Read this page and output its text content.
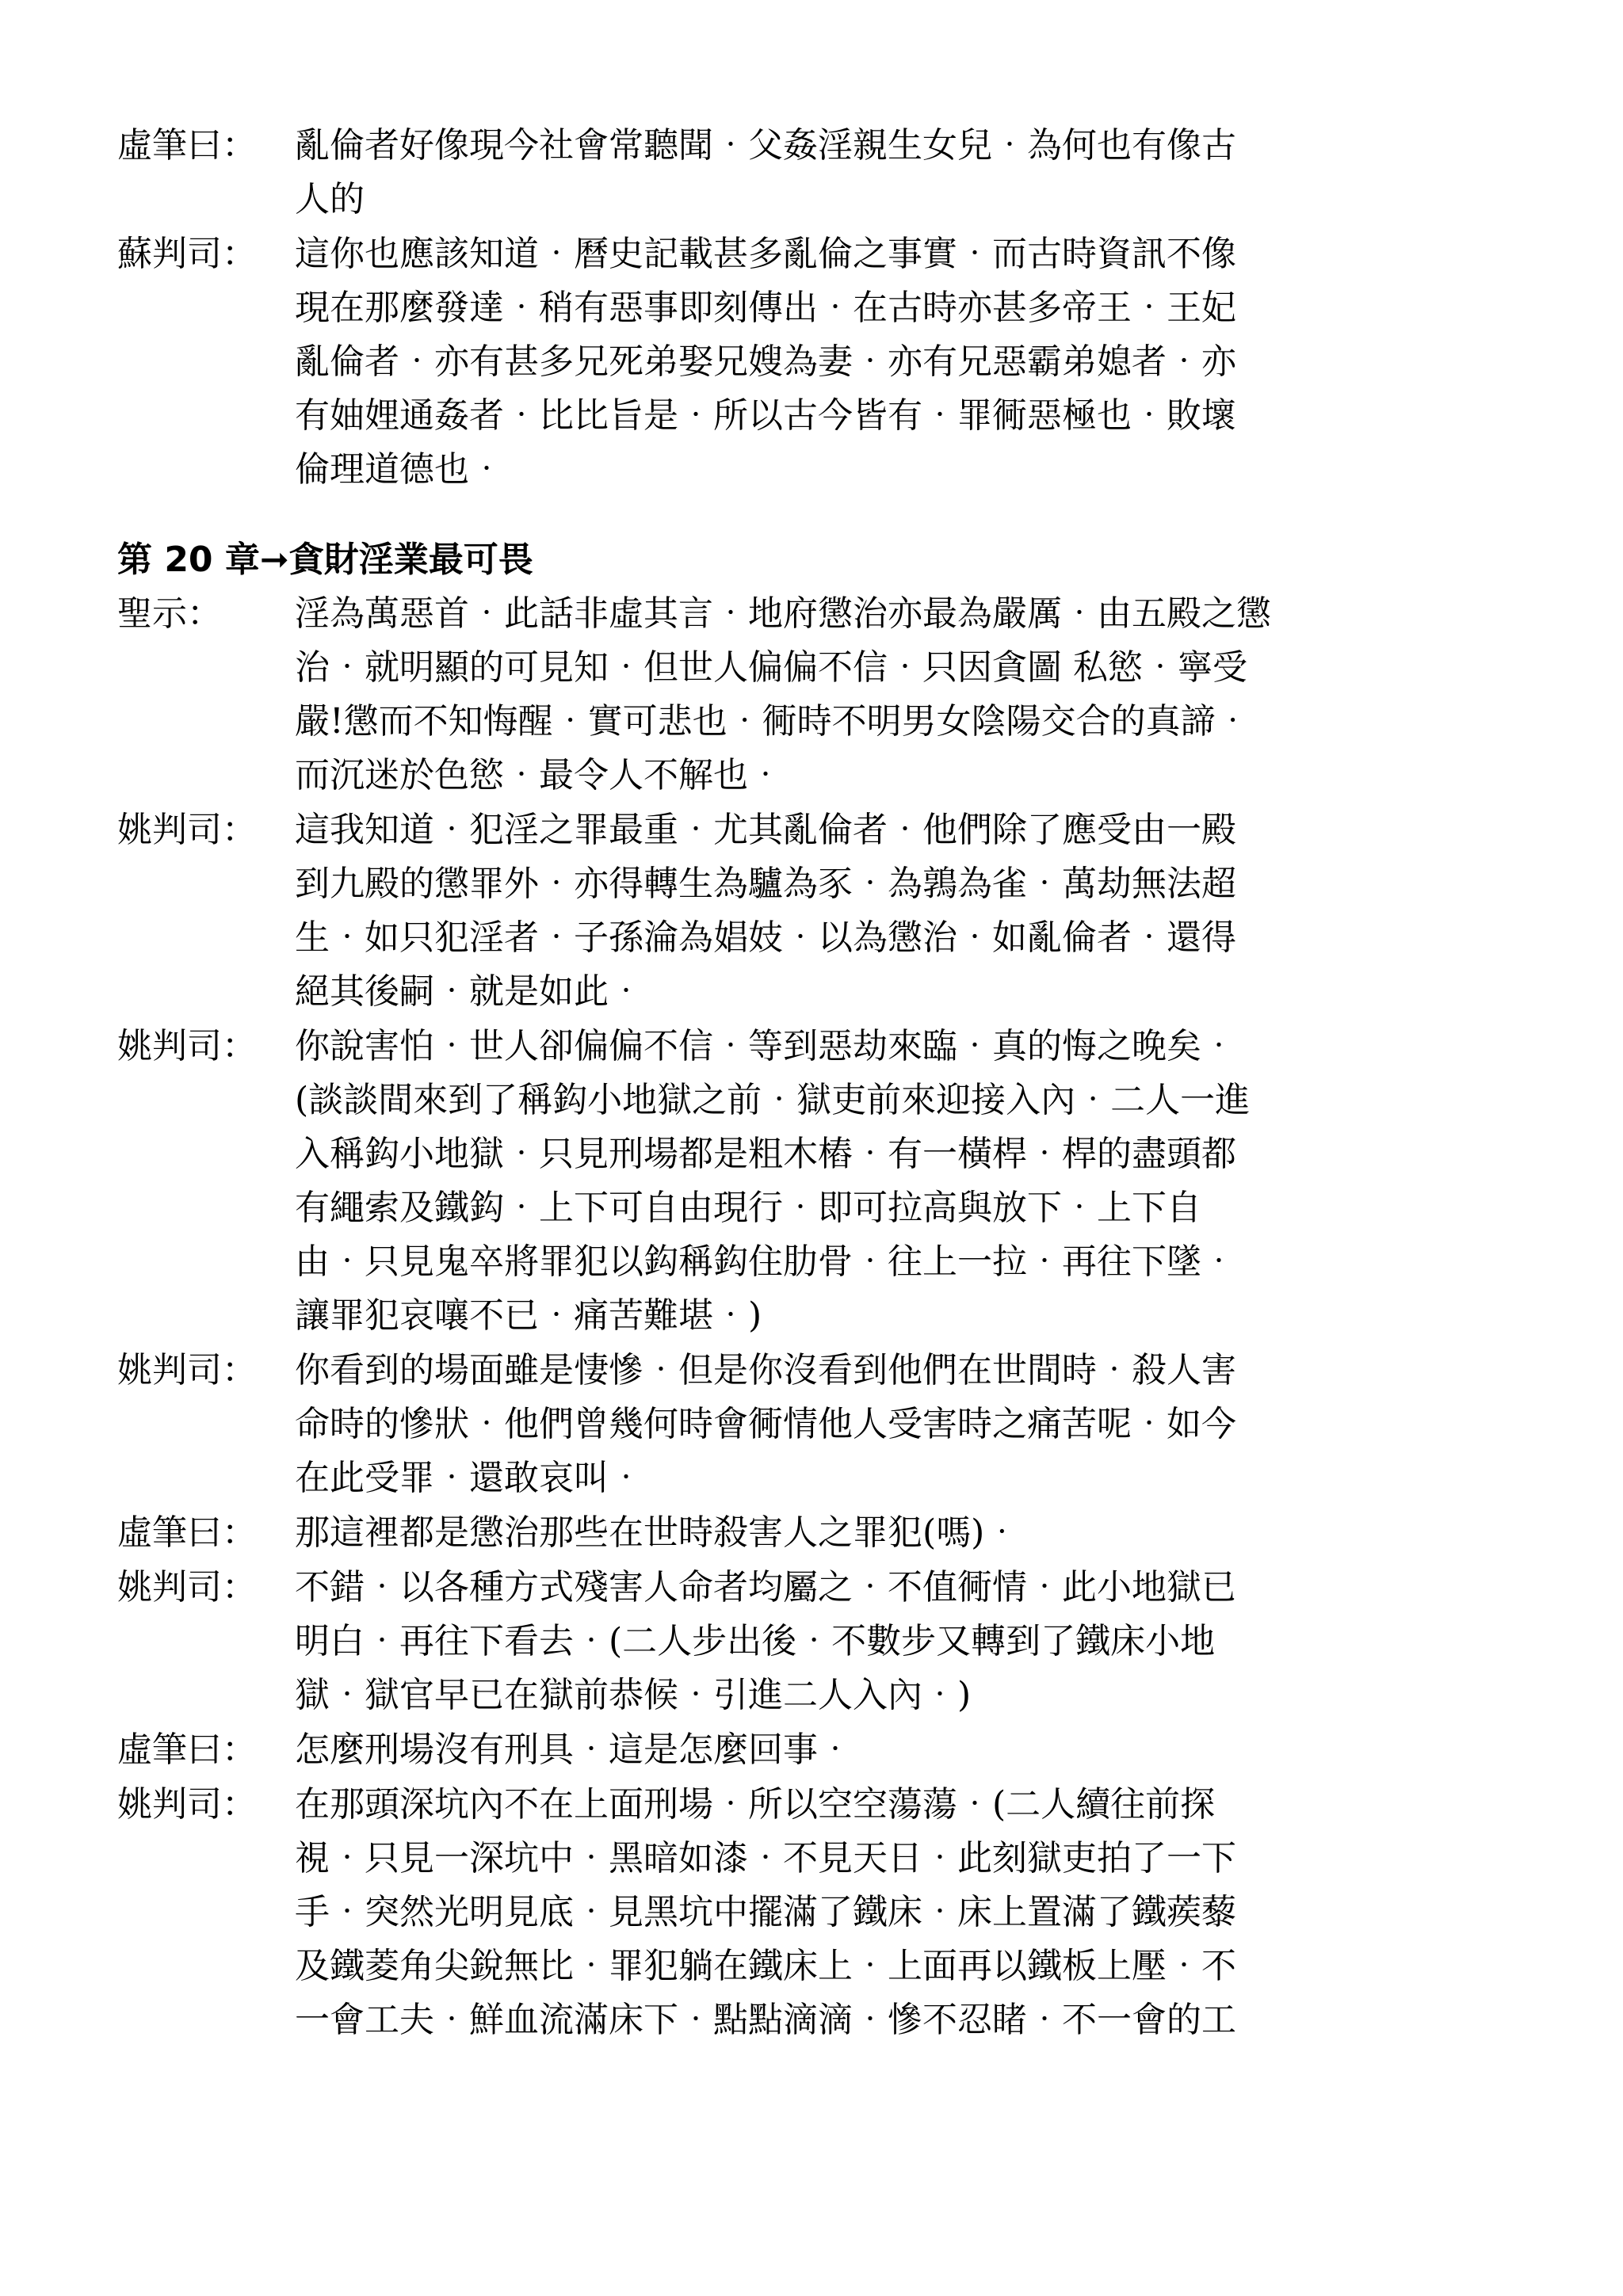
虛筆曰：	亂倫者好像現今社會常聽聞‧父姦淫親生女兒‧為何也有像古
人的
蘇判司：	這你也應該知道‧曆史記載甚多亂倫之事實‧而古時資訊不像
現在那麼發達‧稍有惡事即刻傳出‧在古時亦甚多帝王‧王妃
亂倫者‧亦有甚多兄死弟娶兄嫂為妻‧亦有兄惡霸弟媳者‧亦
有妯娌通姦者‧比比旨是‧所以古今皆有‧罪衕惡極也‧敗壞
倫理道德也‧
第 20 章➞貪財淫業最可畏
聖示：	淫為萬惡首‧此話非虛其言‧地府懲治亦最為嚴厲‧由五殿之懲
治‧就明顯的可見知‧但世人偏偏不信‧只因貪圖 私慾‧寧受
嚴!懲而不知悔醒‧實可悲也‧衕時不明男女陰陽交合的真諦‧
而沉迷於色慾‧最令人不解也‧
姚判司：	這我知道‧犯淫之罪最重‧尤其亂倫者‧他們除了應受由一殿
到九殿的懲罪外‧亦得轉生為驢為豕‧為鶉為雀‧萬劫無法超
生‧如只犯淫者‧子孫淪為娼妓‧以為懲治‧如亂倫者‧還得
絕其後嗣‧就是如此‧
姚判司：	你說害怕‧世人卻偏偏不信‧等到惡劫來臨‧真的悔之晚矣‧
(談談間來到了稱鈎小地獄之前‧獄吏前來迎接入內‧二人一進
入稱鈎小地獄‧只見刑場都是粗木樁‧有一橫桿‧桿的盡頭都
有繩索及鐵鈎‧上下可自由現行‧即可拉高與放下‧上下自
由‧只見鬼卒將罪犯以鈎稱鈎住肋骨‧往上一拉‧再往下墜‧
讓罪犯哀嚷不已‧痛苦難堪‧)
姚判司：	你看到的場面雖是悽慘‧但是你沒看到他們在世間時‧殺人害
命時的慘狀‧他們曾幾何時會衕情他人受害時之痛苦呢‧如今
在此受罪‧還敢哀叫‧
虛筆曰：	那這裡都是懲治那些在世時殺害人之罪犯(嗎)‧
姚判司：	不錯‧以各種方式殘害人命者均屬之‧不值衕情‧此小地獄已
明白‧再往下看去‧(二人步出後‧不數步又轉到了鐵床小地
獄‧獄官早已在獄前恭候‧引進二人入內‧)
虛筆曰：	怎麼刑場沒有刑具‧這是怎麼回事‧
姚判司：	在那頭深坑內不在上面刑場‧所以空空蕩蕩‧(二人續往前探
視‧只見一深坑中‧黑暗如漆‧不見天日‧此刻獄吏拍了一下
手‧突然光明見底‧見黑坑中擺滿了鐵床‧床上置滿了鐵蒺藜
及鐵菱角尖銳無比‧罪犯躺在鐵床上‧上面再以鐵板上壓‧不
一會工夫‧鮮血流滿床下‧點點滴滴‧慘不忍睹‧不一會的工
